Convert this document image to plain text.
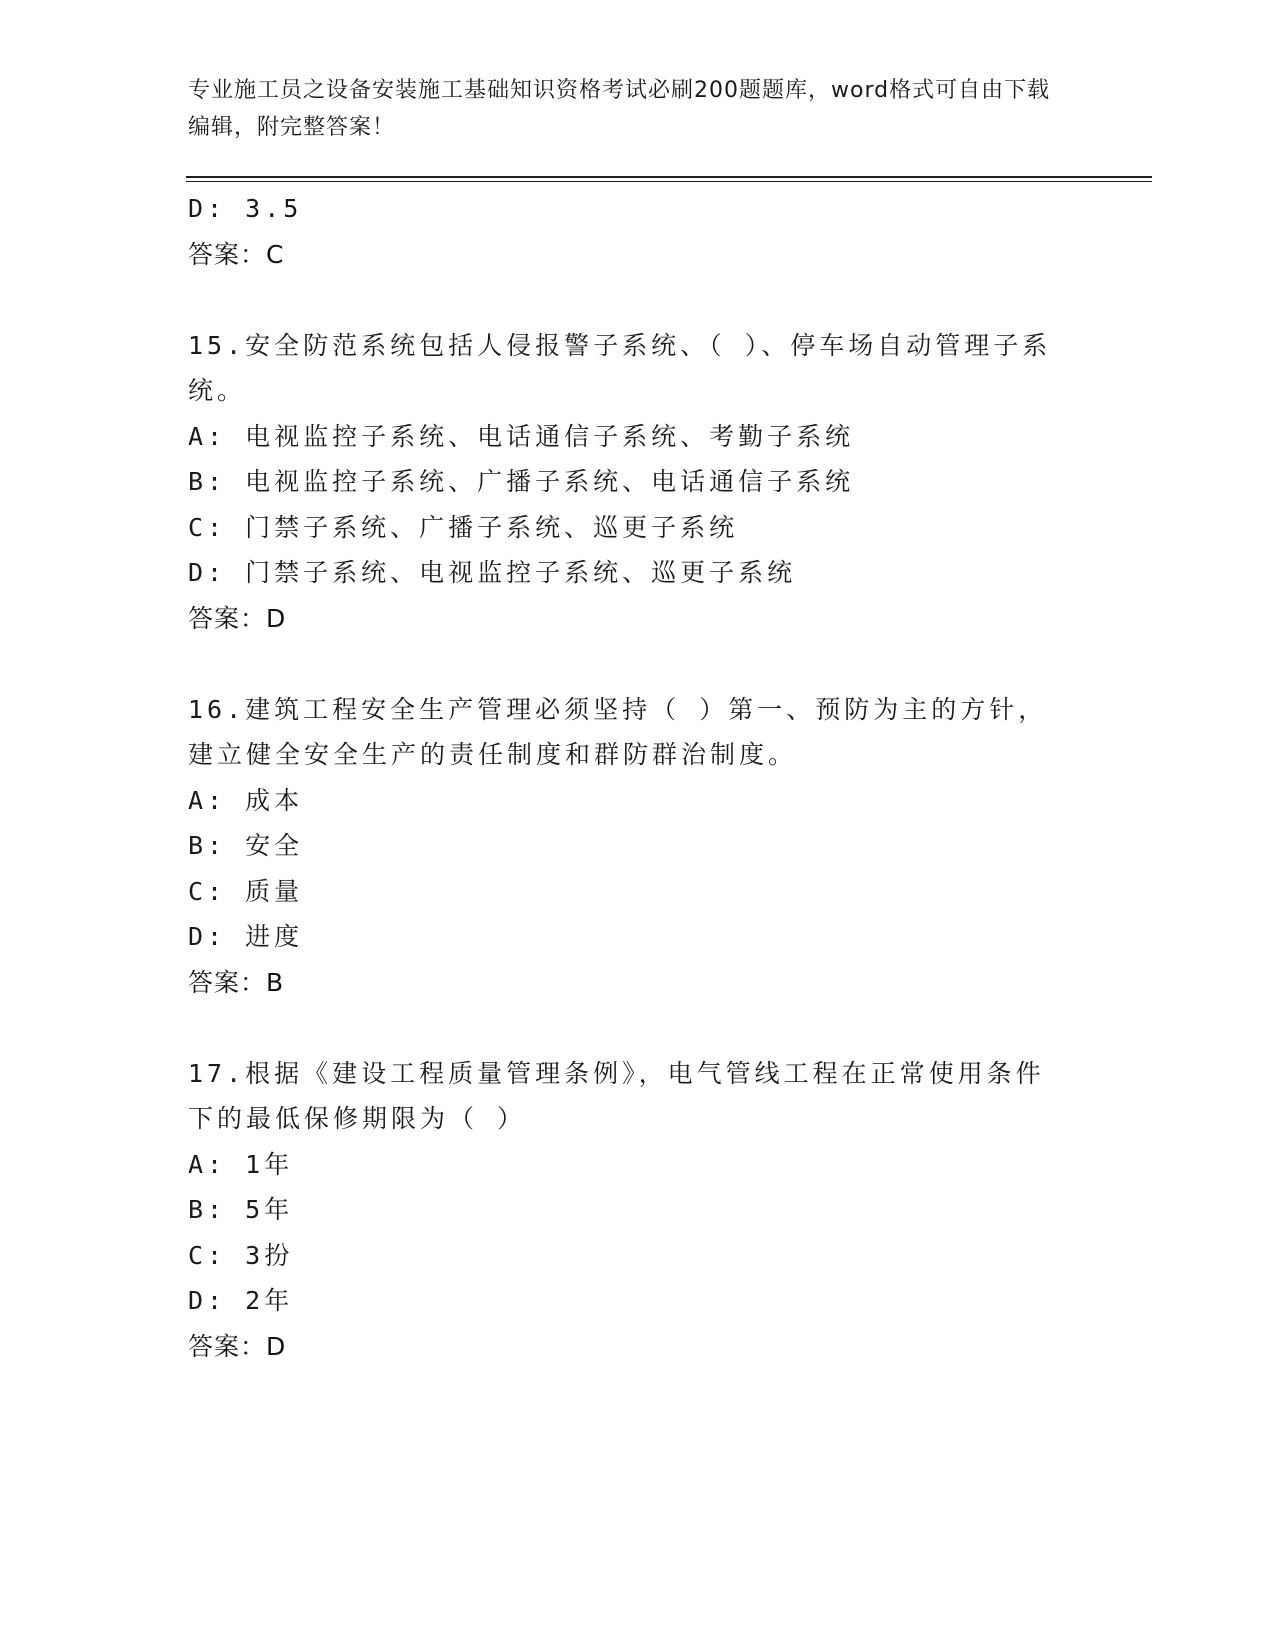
专业施工员之设备安装施工基础知识资格考试必刷200题题库，word格式可自由下载编辑，附完整答案！
D: 3.5
答案：C
15.安全防范系统包括人侵报警子系统、（ ）、停车场自动管理子系统。
A: 电视监控子系统、电话通信子系统、考勤子系统
B: 电视监控子系统、广播子系统、电话通信子系统
C: 门禁子系统、广播子系统、巡更子系统
D: 门禁子系统、电视监控子系统、巡更子系统
答案：D
16.建筑工程安全生产管理必须坚持（ ）第一、预防为主的方针，建立健全安全生产的责任制度和群防群治制度。
A: 成本
B: 安全
C: 质量
D: 进度
答案：B
17.根据《建设工程质量管理条例》，电气管线工程在正常使用条件下的最低保修期限为（ ）
A: 1年
B: 5年
C: 3扮
D: 2年
答案：D
